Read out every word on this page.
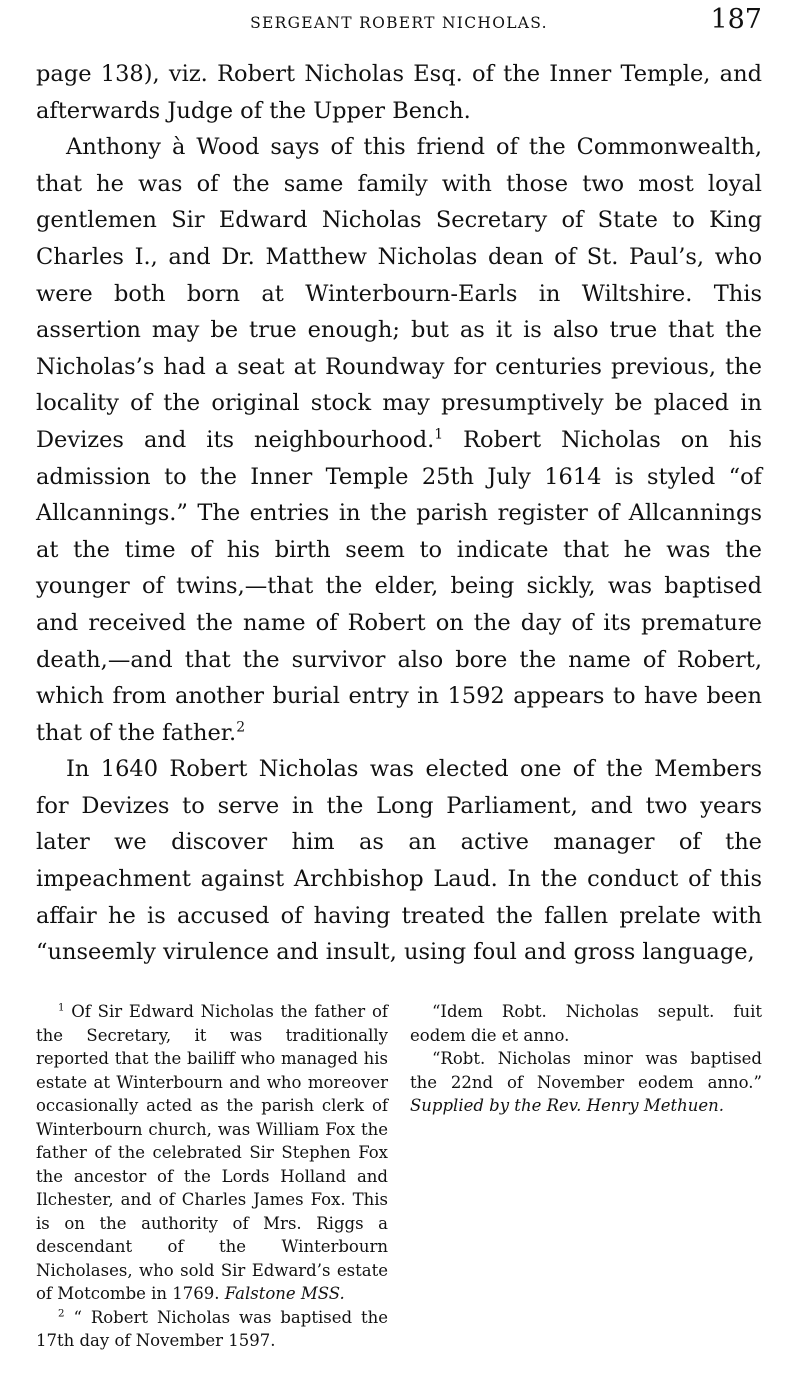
SERGEANT ROBERT NICHOLAS.	187

page 138), viz. Robert Nicholas Esq. of the Inner Temple, and afterwards Judge of the Upper Bench.

Anthony à Wood says of this friend of the Commonwealth, that he was of the same family with those two most loyal gentlemen Sir Edward Nicholas Secretary of State to King Charles I., and Dr. Matthew Nicholas dean of St. Paul’s, who were both born at Winterbourn-Earls in Wiltshire. This assertion may be true enough; but as it is also true that the Nicholas’s had a seat at Roundway for centuries previous, the locality of the original stock may presumptively be placed in Devizes and its neighbourhood.$^1$ Robert Nicholas on his admission to the Inner Temple 25th July 1614 is styled “of Allcannings.” The entries in the parish register of Allcannings at the time of his birth seem to indicate that he was the younger of twins,—that the elder, being sickly, was baptised and received the name of Robert on the day of its premature death,—and that the survivor also bore the name of Robert, which from another burial entry in 1592 appears to have been that of the father.$^2$

In 1640 Robert Nicholas was elected one of the Members for Devizes to serve in the Long Parliament, and two years later we discover him as an active manager of the impeachment against Archbishop Laud. In the conduct of this affair he is accused of having treated the fallen prelate with “unseemly virulence and insult, using foul and gross language,

$^1$ Of Sir Edward Nicholas the father of the Secretary, it was traditionally reported that the bailiff who managed his estate at Winterbourn and who moreover occasionally acted as the parish clerk of Winterbourn church, was William Fox the father of the celebrated Sir Stephen Fox the ancestor of the Lords Holland and Ilchester, and of Charles James Fox. This is on the authority of Mrs. Riggs a descendant of the Winterbourn Nicholases, who sold Sir Edward’s estate of Motcombe in 1769. Falstone MSS.

$^2$ “ Robert Nicholas was baptised the 17th day of November 1597.

“Idem Robt. Nicholas sepult. fuit eodem die et anno.

“Robt. Nicholas minor was baptised the 22nd of November eodem anno.” Supplied by the Rev. Henry Methuen.
